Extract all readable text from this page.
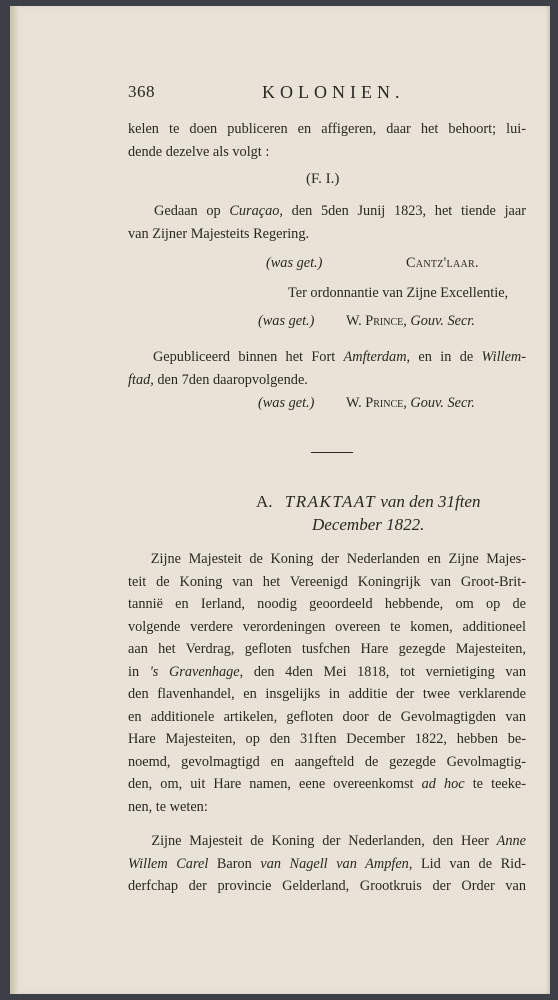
368	KOLONIEN.
kelen te doen publiceren en affigeren, daar het behoort; lui-
dende dezelve als volgt :
(F. I.)
Gedaan op Curaçao, den 5den Junij 1823, het tiende jaar
van Zijner Majesteits Regering.
(was get.)	Cantz'laar.
Ter ordonnantie van Zijne Excellentie,
(was get.) W. Prince, Gouv. Secr.
Gepubliceerd binnen het Fort Amfterdam, en in de Willem-
ftad, den 7den daaropvolgende.
(was get.) W. Prince, Gouv. Secr.
A. TRAKTAAT van den 31ften
December 1822.
Zijne Majesteit de Koning der Nederlanden en Zijne Majes-
teit de Koning van het Vereenigd Koningrijk van Groot-Brit-
tannië en Ierland, noodig geoordeeld hebbende, om op de
volgende verdere verordeningen overeen te komen, additioneel
aan het Verdrag, gefloten tusfchen Hare gezegde Majesteiten,
in 's Gravenhage, den 4den Mei 1818, tot vernietiging van
den flavenhandel, en insgelijks in additie der twee verklarende
en additionele artikelen, gefloten door de Gevolmagtigden van
Hare Majesteiten, op den 31ften December 1822, hebben be-
noemd, gevolmagtigd en aangefteld de gezegde Gevolmagtig-
den, om, uit Hare namen, eene overeenkomst ad hoc te teeke-
nen, te weten:
Zijne Majesteit de Koning der Nederlanden, den Heer Anne
Willem Carel Baron van Nagell van Ampfen, Lid van de Rid-
derfchap der provincie Gelderland, Grootkruis der Order van
